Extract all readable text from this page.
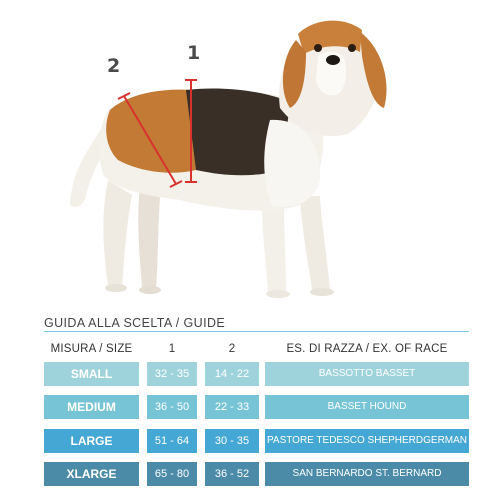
1
2
GUIDA ALLA SCELTA / GUIDE
MISURA / SIZE	1	2	ES. DI RAZZA / EX. OF RACE
SMALL	32 - 35	14 - 22	BASSOTTO BASSET
MEDIUM	36 - 50	22 - 33	BASSET HOUND
LARGE	51 - 64	30 - 35	PASTORE TEDESCO SHEPHERDGERMAN
XLARGE	65 - 80	36 - 52	SAN BERNARDO ST. BERNARD
